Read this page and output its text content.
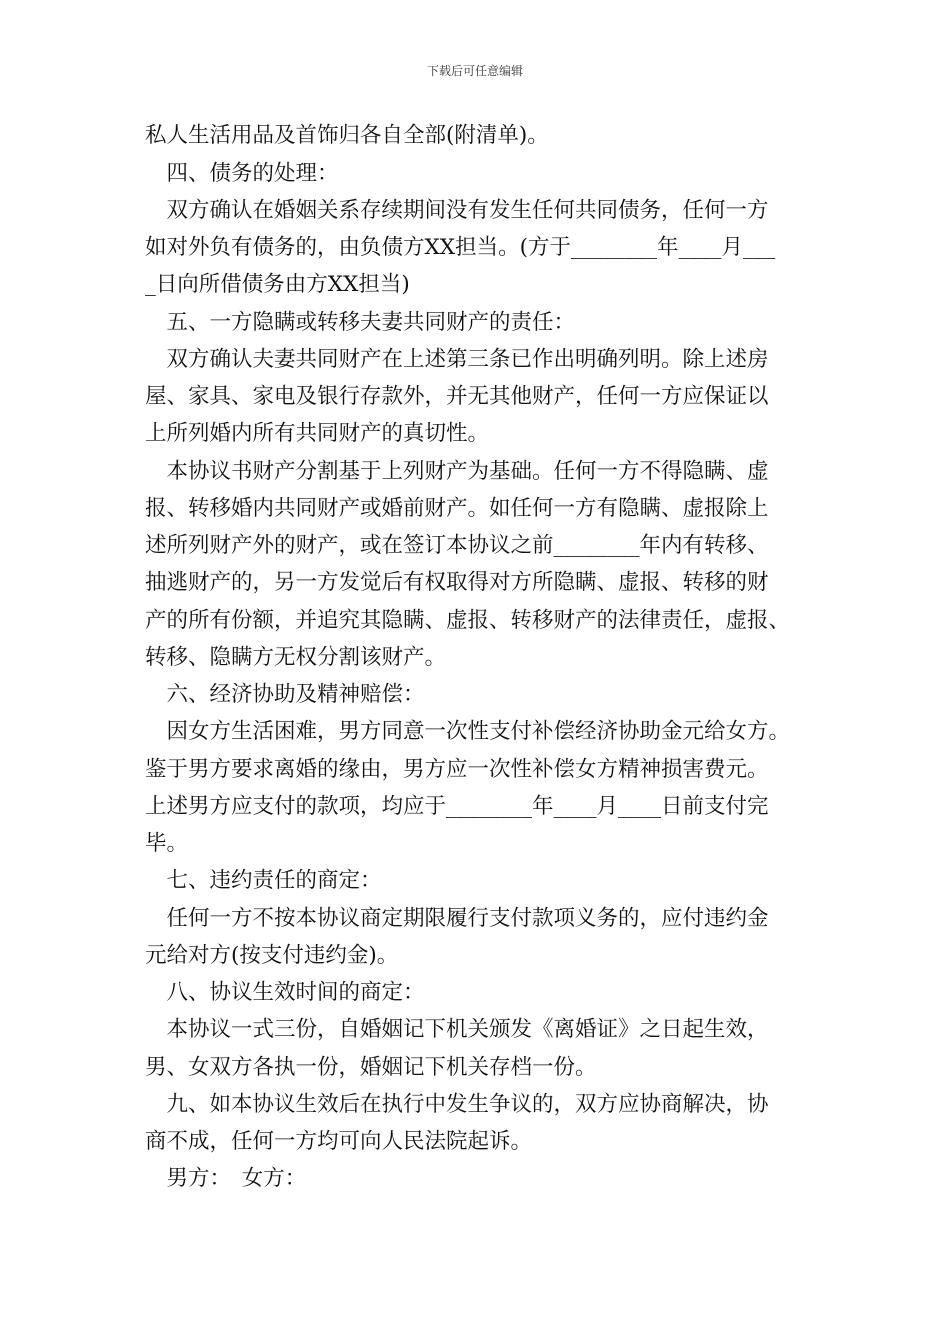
下载后可任意编辑
私人生活用品及首饰归各自全部(附清单)。
　四、债务的处理：
　双方确认在婚姻关系存续期间没有发生任何共同债务，任何一方
如对外负有债务的，由负债方XX担当。(方于________年____月___
_日向所借债务由方XX担当)
　五、一方隐瞒或转移夫妻共同财产的责任：
　双方确认夫妻共同财产在上述第三条已作出明确列明。除上述房
屋、家具、家电及银行存款外，并无其他财产，任何一方应保证以
上所列婚内所有共同财产的真切性。
　本协议书财产分割基于上列财产为基础。任何一方不得隐瞒、虚
报、转移婚内共同财产或婚前财产。如任何一方有隐瞒、虚报除上
述所列财产外的财产，或在签订本协议之前________年内有转移、
抽逃财产的，另一方发觉后有权取得对方所隐瞒、虚报、转移的财
产的所有份额，并追究其隐瞒、虚报、转移财产的法律责任，虚报、
转移、隐瞒方无权分割该财产。
　六、经济协助及精神赔偿：
　因女方生活困难，男方同意一次性支付补偿经济协助金元给女方。
鉴于男方要求离婚的缘由，男方应一次性补偿女方精神损害费元。
上述男方应支付的款项，均应于________年____月____日前支付完
毕。
　七、违约责任的商定：
　任何一方不按本协议商定期限履行支付款项义务的，应付违约金
元给对方(按支付违约金)。
　八、协议生效时间的商定：
　本协议一式三份，自婚姻记下机关颁发《离婚证》之日起生效，
男、女双方各执一份，婚姻记下机关存档一份。
　九、如本协议生效后在执行中发生争议的，双方应协商解决，协
商不成，任何一方均可向人民法院起诉。
　男方：　女方：
